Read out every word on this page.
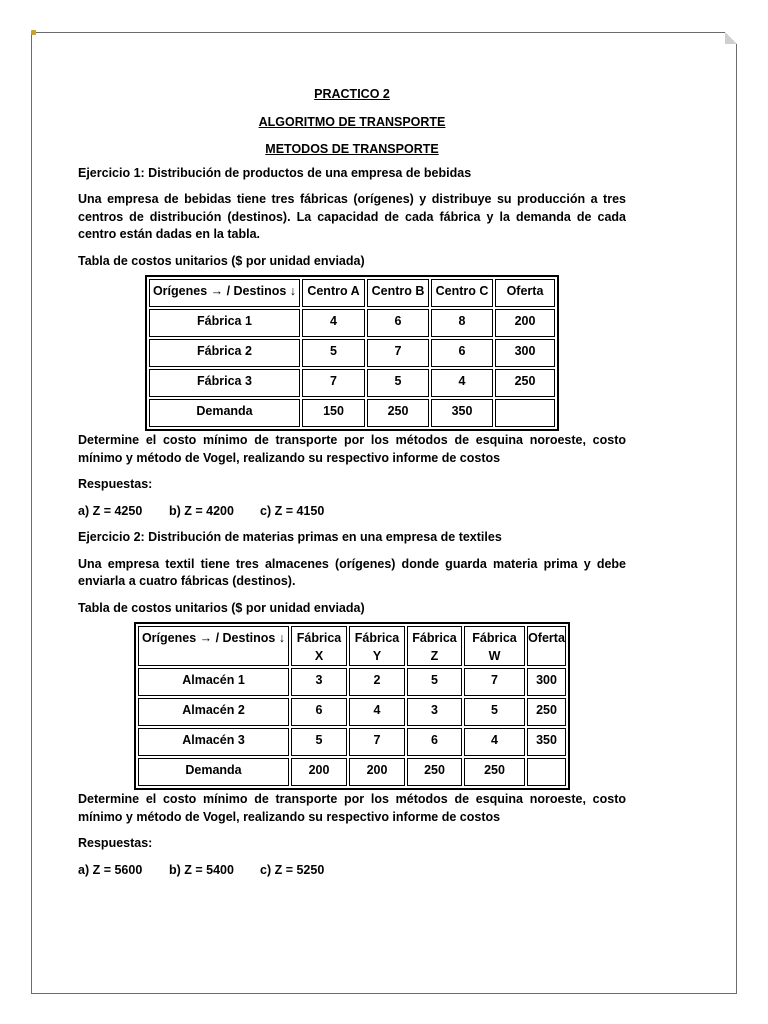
PRACTICO 2

ALGORITMO DE TRANSPORTE

METODOS DE TRANSPORTE

Ejercicio 1: Distribución de productos de una empresa de bebidas

Una empresa de bebidas tiene tres fábricas (orígenes) y distribuye su producción a tres centros de distribución (destinos). La capacidad de cada fábrica y la demanda de cada centro están dadas en la tabla.

Tabla de costos unitarios ($ por unidad enviada)

Orígenes → / Destinos ↓	Centro A	Centro B	Centro C	Oferta
Fábrica 1	4	6	8	200
Fábrica 2	5	7	6	300
Fábrica 3	7	5	4	250
Demanda	150	250	350	

Determine el costo mínimo de transporte por los métodos de esquina noroeste, costo mínimo y método de Vogel, realizando su respectivo informe de costos

Respuestas:

a) Z = 4250 b) Z = 4200 c) Z = 4150

Ejercicio 2: Distribución de materias primas en una empresa de textiles

Una empresa textil tiene tres almacenes (orígenes) donde guarda materia prima y debe enviarla a cuatro fábricas (destinos).

Tabla de costos unitarios ($ por unidad enviada)

Orígenes → / Destinos ↓	Fábrica X	Fábrica Y	Fábrica Z	Fábrica W	Oferta
Almacén 1	3	2	5	7	300
Almacén 2	6	4	3	5	250
Almacén 3	5	7	6	4	350
Demanda	200	200	250	250	

Determine el costo mínimo de transporte por los métodos de esquina noroeste, costo mínimo y método de Vogel, realizando su respectivo informe de costos

Respuestas:

a) Z = 5600 b) Z = 5400 c) Z = 5250
